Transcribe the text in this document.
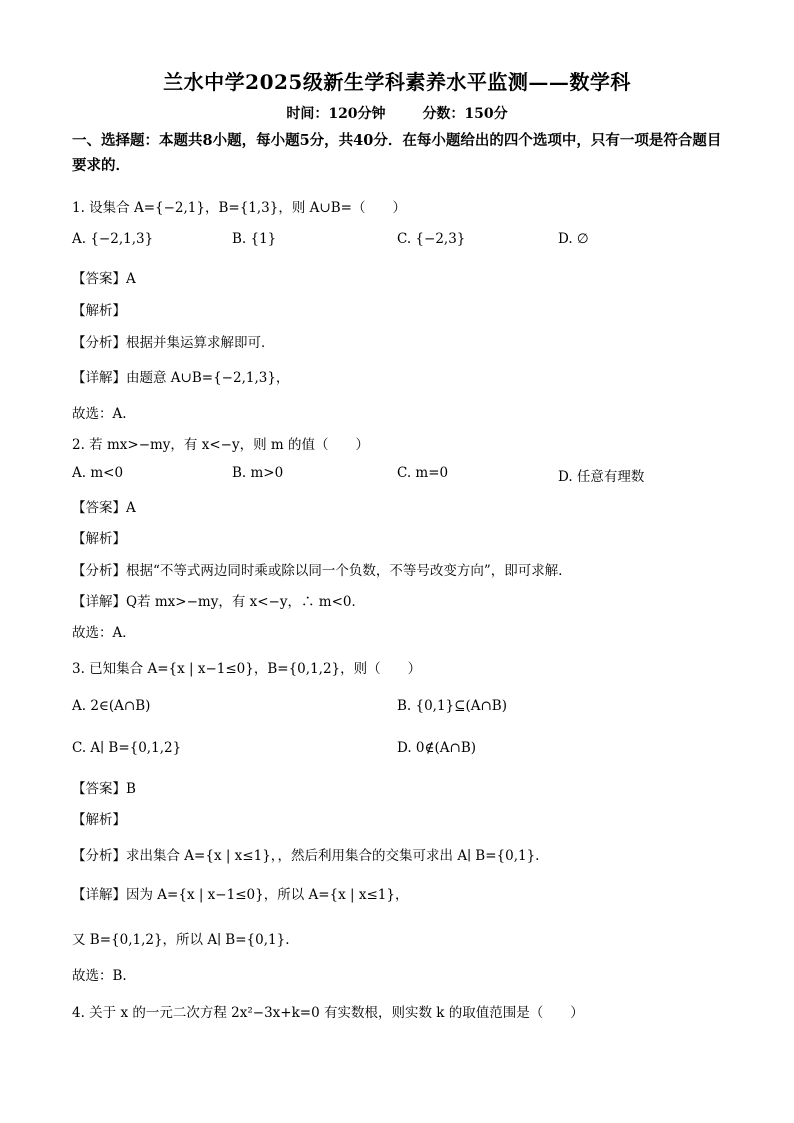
兰水中学2025级新生学科素养水平监测——数学科
时间：120分钟	分数：150分
一、选择题：本题共8小题，每小题5分，共40分．在每小题给出的四个选项中，只有一项是符合题目要求的．
1. 设集合 A={−2,1}，B={1,3}，则 A∪B=（　　）
A. {−2,1,3}	B. {1}	C. {−2,3}	D. ∅
【答案】A
【解析】
【分析】根据并集运算求解即可．
【详解】由题意 A∪B={−2,1,3}，
故选：A.
2. 若 mx>−my，有 x<−y，则 m 的值（　　）
A. m<0	B. m>0	C. m=0	D. 任意有理数
【答案】A
【解析】
【分析】根据“不等式两边同时乘或除以同一个负数，不等号改变方向”，即可求解．
【详解】Q若 mx>−my，有 x<−y，∴ m<0．
故选：A．
3. 已知集合 A={x | x−1≤0}，B={0,1,2}，则（　　）
A. 2∈(A∩B)	B. {0,1}⊆(A∩B)
C. A∣ B={0,1,2}	D. 0∉(A∩B)
【答案】B
【解析】
【分析】求出集合 A={x | x≤1}，，然后利用集合的交集可求出 A∣ B={0,1}.
【详解】因为 A={x | x−1≤0}，所以 A={x | x≤1}，
又 B={0,1,2}，所以 A∣ B={0,1}.
故选：B.
4. 关于 x 的一元二次方程 2x²−3x+k=0 有实数根，则实数 k 的取值范围是（　　）
